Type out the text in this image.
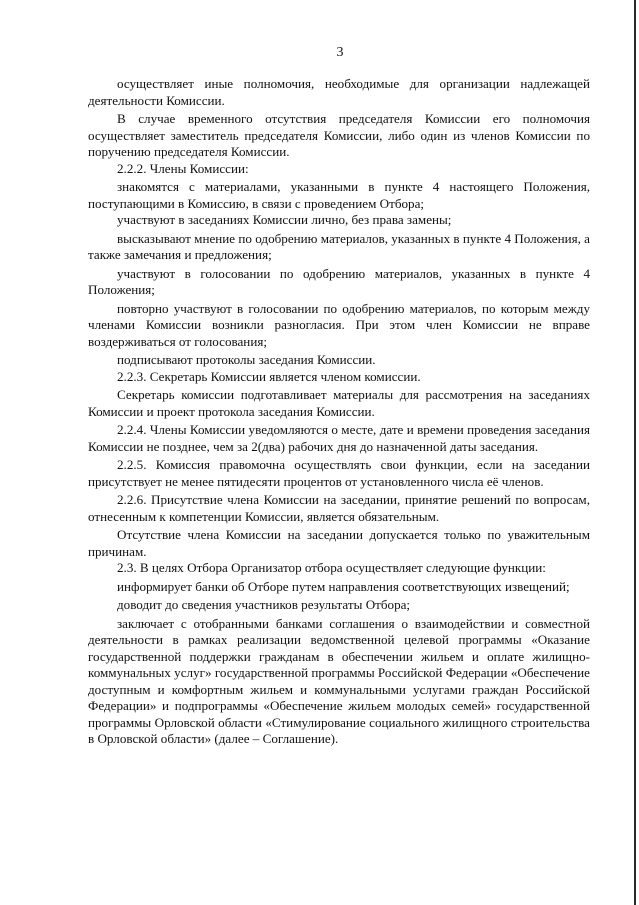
3

осуществляет иные полномочия, необходимые для организации надлежащей деятельности Комиссии.

В случае временного отсутствия председателя Комиссии его полномочия осуществляет заместитель председателя Комиссии, либо один из членов Комиссии по поручению председателя Комиссии.

2.2.2. Члены Комиссии:

знакомятся с материалами, указанными в пункте 4 настоящего Положения, поступающими в Комиссию, в связи с проведением Отбора;

участвуют в заседаниях Комиссии лично, без права замены;

высказывают мнение по одобрению материалов, указанных в пункте 4 Положения, а также замечания и предложения;

участвуют в голосовании по одобрению материалов, указанных в пункте 4 Положения;

повторно участвуют в голосовании по одобрению материалов, по которым между членами Комиссии возникли разногласия. При этом член Комиссии не вправе воздерживаться от голосования;

подписывают протоколы заседания Комиссии.

2.2.3. Секретарь Комиссии является членом комиссии.

Секретарь комиссии подготавливает материалы для рассмотрения на заседаниях Комиссии и проект протокола заседания Комиссии.

2.2.4. Члены Комиссии уведомляются о месте, дате и времени проведения заседания Комиссии не позднее, чем за 2(два) рабочих дня до назначенной даты заседания.

2.2.5. Комиссия правомочна осуществлять свои функции, если на заседании присутствует не менее пятидесяти процентов от установленного числа её членов.

2.2.6. Присутствие члена Комиссии на заседании, принятие решений по вопросам, отнесенным к компетенции Комиссии, является обязательным.

Отсутствие члена Комиссии на заседании допускается только по уважительным причинам.

2.3. В целях Отбора Организатор отбора осуществляет следующие функции:

информирует банки об Отборе путем направления соответствующих извещений;

доводит до сведения участников результаты Отбора;

заключает с отобранными банками соглашения о взаимодействии и совместной деятельности в рамках реализации ведомственной целевой программы «Оказание государственной поддержки гражданам в обеспечении жильем и оплате жилищно-коммунальных услуг» государственной программы Российской Федерации «Обеспечение доступным и комфортным жильем и коммунальными услугами граждан Российской Федерации» и подпрограммы «Обеспечение жильем молодых семей» государственной программы Орловской области «Стимулирование социального жилищного строительства в Орловской области» (далее – Соглашение).
